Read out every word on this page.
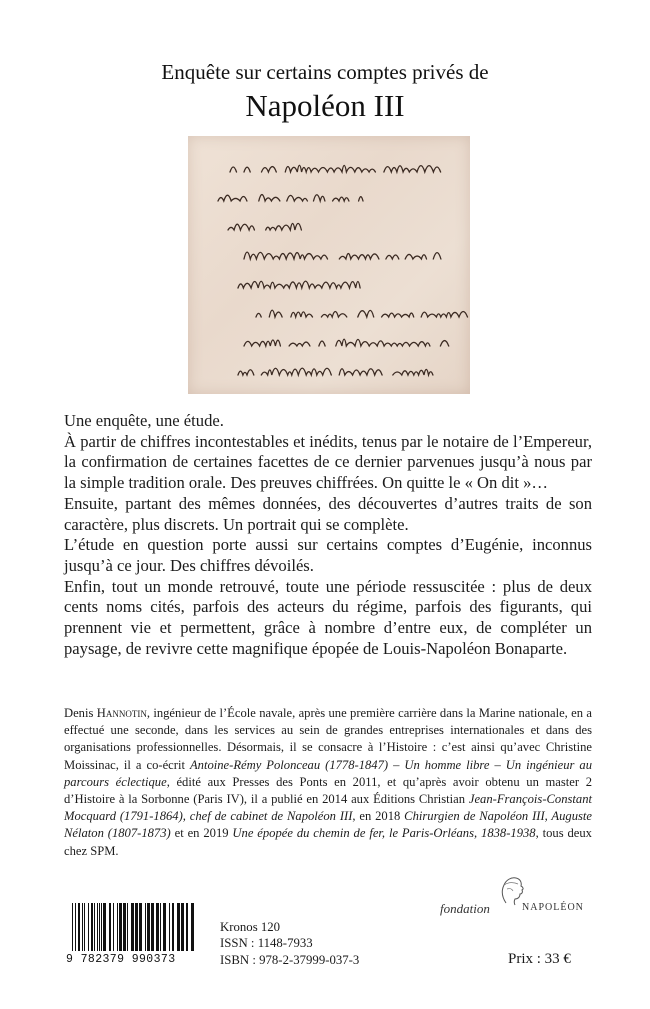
Enquête sur certains comptes privés de
Napoléon III

Une enquête, une étude.

À partir de chiffres incontestables et inédits, tenus par le notaire de l’Empereur, la confirmation de certaines facettes de ce dernier parvenues jusqu’à nous par la simple tradition orale. Des preuves chiffrées. On quitte le « On dit »…

Ensuite, partant des mêmes données, des découvertes d’autres traits de son caractère, plus discrets. Un portrait qui se complète.

L’étude en question porte aussi sur certains comptes d’Eugénie, inconnus jusqu’à ce jour. Des chiffres dévoilés.

Enfin, tout un monde retrouvé, toute une période ressuscitée : plus de deux cents noms cités, parfois des acteurs du régime, parfois des figurants, qui prennent vie et permettent, grâce à nombre d’entre eux, de compléter un paysage, de revivre cette magnifique épopée de Louis-Napoléon Bonaparte.

Denis Hannotin, ingénieur de l’École navale, après une première carrière dans la Marine nationale, en a effectué une seconde, dans les services au sein de grandes entreprises internationales et dans des organisations professionnelles. Désormais, il se consacre à l’Histoire : c’est ainsi qu’avec Christine Moissinac, il a co-écrit Antoine-Rémy Polonceau (1778-1847) – Un homme libre – Un ingénieur au parcours éclectique, édité aux Presses des Ponts en 2011, et qu’après avoir obtenu un master 2 d’Histoire à la Sorbonne (Paris IV), il a publié en 2014 aux Éditions Christian Jean-François-Constant Mocquard (1791-1864), chef de cabinet de Napoléon III, en 2018 Chirurgien de Napoléon III, Auguste Nélaton (1807-1873) et en 2019 Une épopée du chemin de fer, le Paris-Orléans, 1838-1938, tous deux chez SPM.
fondation	NAPOLÉON
9 782379 990373
Kronos 120
ISSN : 1148-7933
ISBN : 978-2-37999-037-3	Prix : 33 €
